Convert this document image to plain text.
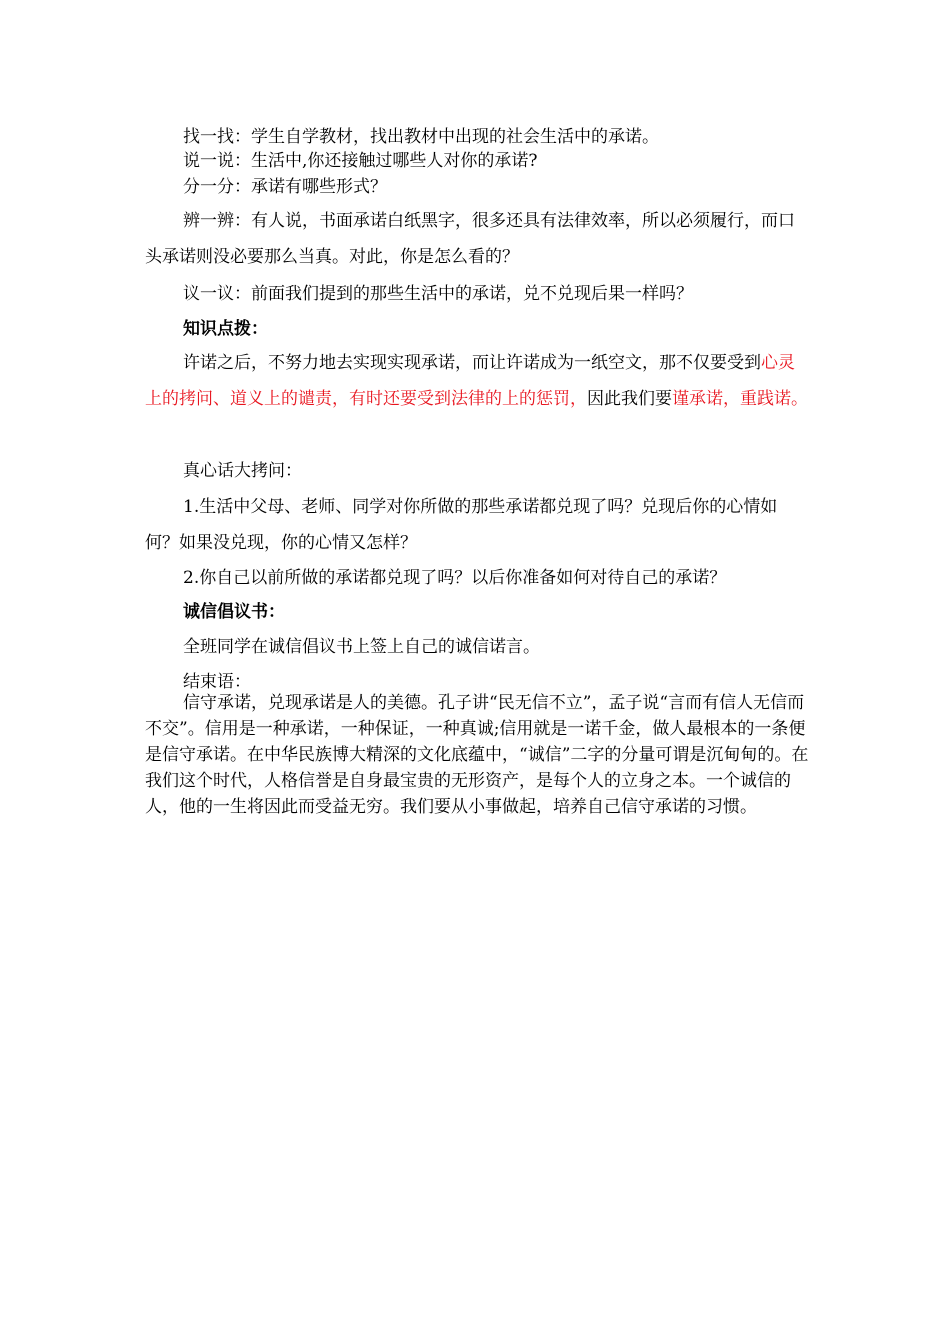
找一找：学生自学教材，找出教材中出现的社会生活中的承诺。
说一说：生活中,你还接触过哪些人对你的承诺?
分一分：承诺有哪些形式？
辨一辨：有人说，书面承诺白纸黑字，很多还具有法律效率，所以必须履行，而口头承诺则没必要那么当真。对此，你是怎么看的？
议一议：前面我们提到的那些生活中的承诺，兑不兑现后果一样吗？
知识点拨：
许诺之后，不努力地去实现实现承诺，而让许诺成为一纸空文，那不仅要受到心灵上的拷问、道义上的谴责，有时还要受到法律的上的惩罚，因此我们要谨承诺，重践诺。
真心话大拷问：
1.生活中父母、老师、同学对你所做的那些承诺都兑现了吗？兑现后你的心情如何？如果没兑现，你的心情又怎样？
2.你自己以前所做的承诺都兑现了吗？以后你准备如何对待自己的承诺？
诚信倡议书：
全班同学在诚信倡议书上签上自己的诚信诺言。
结束语：
信守承诺，兑现承诺是人的美德。孔子讲“民无信不立”，孟子说“言而有信人无信而不交”。信用是一种承诺，一种保证，一种真诚;信用就是一诺千金，做人最根本的一条便是信守承诺。在中华民族博大精深的文化底蕴中，“诚信”二字的分量可谓是沉甸甸的。在我们这个时代，人格信誉是自身最宝贵的无形资产，是每个人的立身之本。一个诚信的人，他的一生将因此而受益无穷。我们要从小事做起，培养自己信守承诺的习惯。
